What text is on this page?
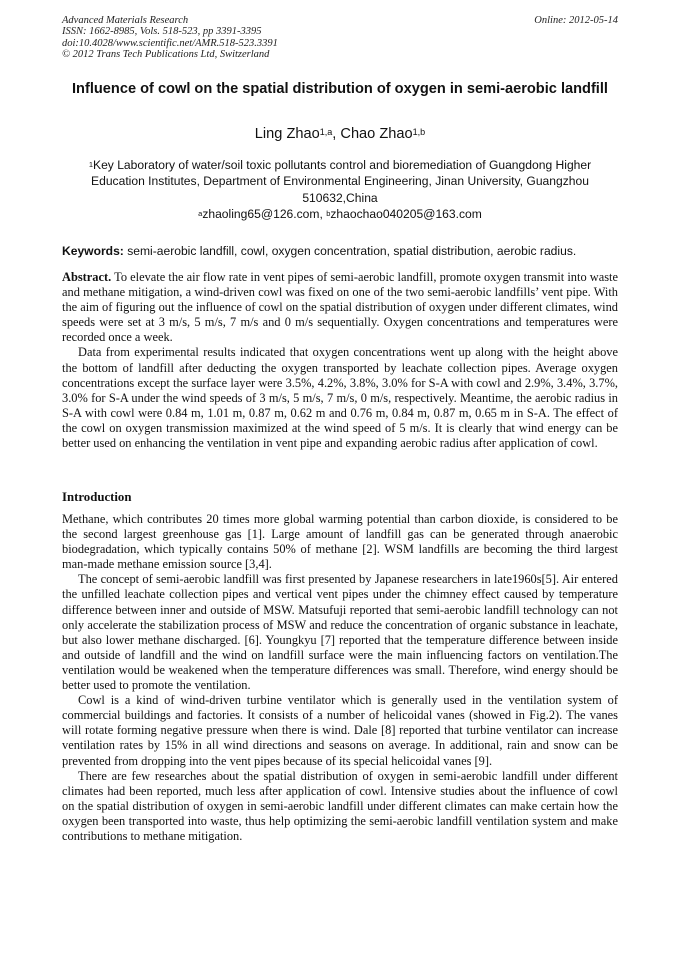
Advanced Materials Research
ISSN: 1662-8985, Vols. 518-523, pp 3391-3395
doi:10.4028/www.scientific.net/AMR.518-523.3391
© 2012 Trans Tech Publications Ltd, Switzerland
Online: 2012-05-14
Influence of cowl on the spatial distribution of oxygen in semi-aerobic landfill
Ling Zhao$^{1,a}$, Chao Zhao$^{1,b}$
$^1$Key Laboratory of water/soil toxic pollutants control and bioremediation of Guangdong Higher Education Institutes, Department of Environmental Engineering, Jinan University, Guangzhou 510632,China
$^a$zhaoling65@126.com, $^b$zhaochao040205@163.com
Keywords: semi-aerobic landfill, cowl, oxygen concentration, spatial distribution, aerobic radius.

Abstract. To elevate the air flow rate in vent pipes of semi-aerobic landfill, promote oxygen transmit into waste and methane mitigation, a wind-driven cowl was fixed on one of the two semi-aerobic landfills’ vent pipe. With the aim of figuring out the influence of cowl on the spatial distribution of oxygen under different climates, wind speeds were set at 3 m/s, 5 m/s, 7 m/s and 0 m/s sequentially. Oxygen concentrations and temperatures were recorded once a week.

Data from experimental results indicated that oxygen concentrations went up along with the height above the bottom of landfill after deducting the oxygen transported by leachate collection pipes. Average oxygen concentrations except the surface layer were 3.5%, 4.2%, 3.8%, 3.0% for S-A with cowl and 2.9%, 3.4%, 3.7%, 3.0% for S-A under the wind speeds of 3 m/s, 5 m/s, 7 m/s, 0 m/s, respectively. Meantime, the aerobic radius in S-A with cowl were 0.84 m, 1.01 m, 0.87 m, 0.62 m and 0.76 m, 0.84 m, 0.87 m, 0.65 m in S-A. The effect of the cowl on oxygen transmission maximized at the wind speed of 5 m/s. It is clearly that wind energy can be better used on enhancing the ventilation in vent pipe and expanding aerobic radius after application of cowl.

Introduction

Methane, which contributes 20 times more global warming potential than carbon dioxide, is considered to be the second largest greenhouse gas [1]. Large amount of landfill gas can be generated through anaerobic biodegradation, which typically contains 50% of methane [2]. WSM landfills are becoming the third largest man-made methane emission source [3,4].

The concept of semi-aerobic landfill was first presented by Japanese researchers in late1960s[5]. Air entered the unfilled leachate collection pipes and vertical vent pipes under the chimney effect caused by temperature difference between inner and outside of MSW. Matsufuji reported that semi-aerobic landfill technology can not only accelerate the stabilization process of MSW and reduce the concentration of organic substance in leachate, but also lower methane discharged. [6]. Youngkyu [7] reported that the temperature difference between inside and outside of landfill and the wind on landfill surface were the main influencing factors on ventilation.The ventilation would be weakened when the temperature differences was small. Therefore, wind energy should be better used to promote the ventilation.

Cowl is a kind of wind-driven turbine ventilator which is generally used in the ventilation system of commercial buildings and factories. It consists of a number of helicoidal vanes (showed in Fig.2). The vanes will rotate forming negative pressure when there is wind. Dale [8] reported that turbine ventilator can increase ventilation rates by 15% in all wind directions and seasons on average. In additional, rain and snow can be prevented from dropping into the vent pipes because of its special helicoidal vanes [9].

There are few researches about the spatial distribution of oxygen in semi-aerobic landfill under different climates had been reported, much less after application of cowl. Intensive studies about the influence of cowl on the spatial distribution of oxygen in semi-aerobic landfill under different climates can make certain how the oxygen been transported into waste, thus help optimizing the semi-aerobic landfill ventilation system and make contributions to methane mitigation.
